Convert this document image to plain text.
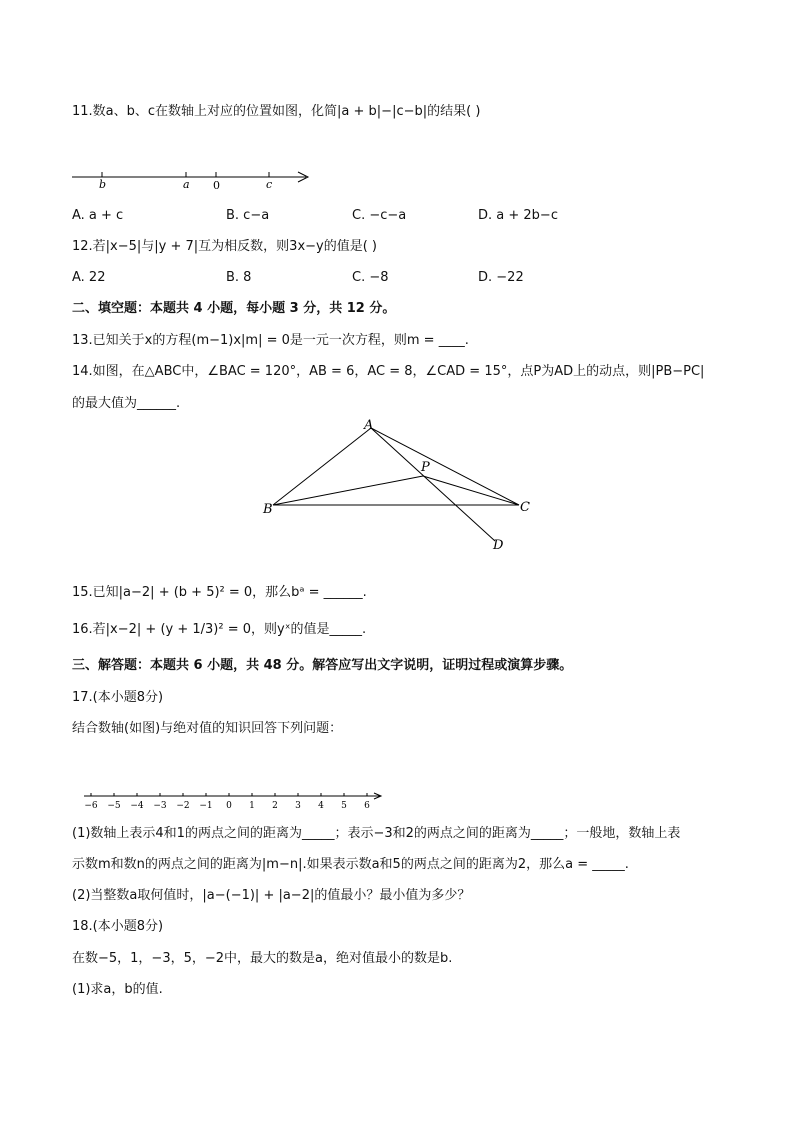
11.数a、b、c在数轴上对应的位置如图，化简|a + b|−|c−b|的结果( )
b	a 0	c
A. a + c	B. c−a	C. −c−a	D. a + 2b−c
12.若|x−5|与|y + 7|互为相反数，则3x−y的值是( )
A. 22	B. 8	C. −8	D. −22
二、填空题：本题共 4 小题，每小题 3 分，共 12 分。
13.已知关于x的方程(m−1)x|m| = 0是一元一次方程，则m = ____.
14.如图，在△ABC中，∠BAC = 120°，AB = 6，AC = 8，∠CAD = 15°，点P为AD上的动点，则|PB−PC|
的最大值为______.
A
P
B	C
D
15.已知|a−2| + (b + 5)² = 0，那么bᵃ = ______.
16.若|x−2| + (y + 1/3)² = 0，则yˣ的值是_____.
三、解答题：本题共 6 小题，共 48 分。解答应写出文字说明，证明过程或演算步骤。
17.(本小题8分)
结合数轴(如图)与绝对值的知识回答下列问题：
−6 −5 −4 −3 −2 −1 0 1 2 3 4 5 6
(1)数轴上表示4和1的两点之间的距离为_____；表示−3和2的两点之间的距离为_____；一般地，数轴上表
示数m和数n的两点之间的距离为|m−n|.如果表示数a和5的两点之间的距离为2，那么a = _____.
(2)当整数a取何值时，|a−(−1)| + |a−2|的值最小？最小值为多少？
18.(本小题8分)
在数−5，1，−3，5，−2中，最大的数是a，绝对值最小的数是b.
(1)求a，b的值.
